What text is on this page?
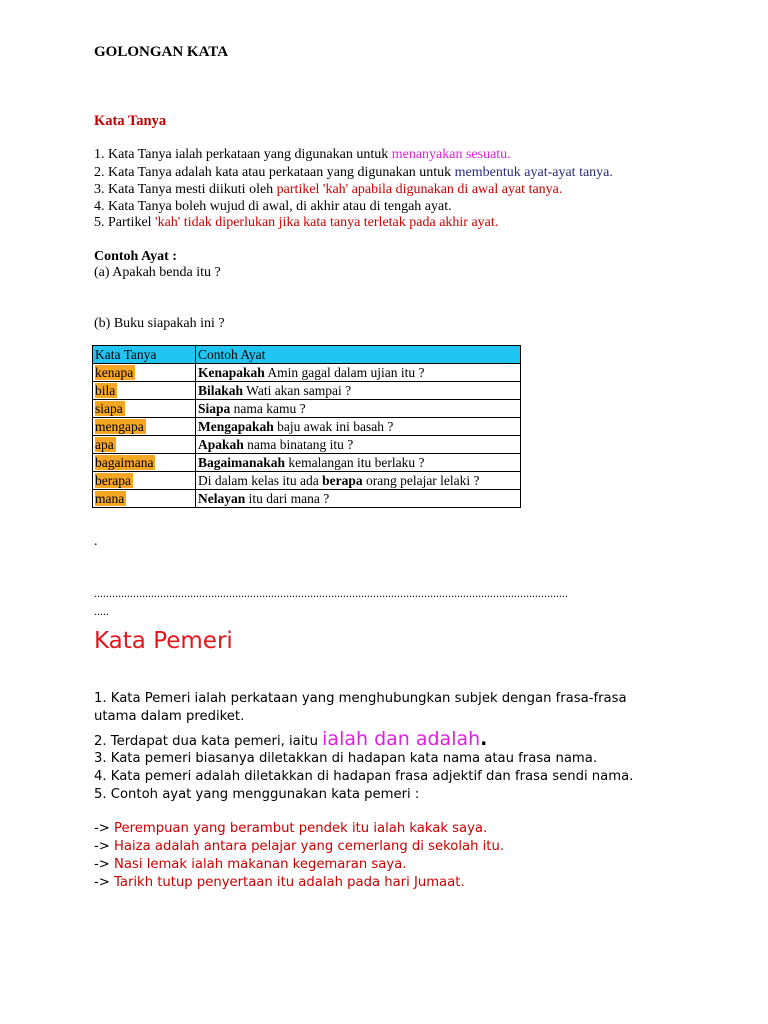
GOLONGAN KATA
Kata Tanya
1. Kata Tanya ialah perkataan yang digunakan untuk menanyakan sesuatu.
2. Kata Tanya adalah kata atau perkataan yang digunakan untuk membentuk ayat-ayat tanya.
3. Kata Tanya mesti diikuti oleh partikel 'kah' apabila digunakan di awal ayat tanya.
4. Kata Tanya boleh wujud di awal, di akhir atau di tengah ayat.
5. Partikel 'kah' tidak diperlukan jika kata tanya terletak pada akhir ayat.
Contoh Ayat :
(a) Apakah benda itu ?
(b) Buku siapakah ini ?
Kata Tanya	Contoh Ayat
kenapa	Kenapakah Amin gagal dalam ujian itu ?
bila	Bilakah Wati akan sampai ?
siapa	Siapa nama kamu ?
mengapa	Mengapakah baju awak ini basah ?
apa	Apakah nama binatang itu ?
bagaimana	Bagaimanakah kemalangan itu berlaku ?
berapa	Di dalam kelas itu ada berapa orang pelajar lelaki ?
mana	Nelayan itu dari mana ?
.
..............................................................................................................................................................
.....
Kata Pemeri
1. Kata Pemeri ialah perkataan yang menghubungkan subjek dengan frasa-frasa
utama dalam prediket.
2. Terdapat dua kata pemeri, iaitu ialah dan adalah.
3. Kata pemeri biasanya diletakkan di hadapan kata nama atau frasa nama.
4. Kata pemeri adalah diletakkan di hadapan frasa adjektif dan frasa sendi nama.
5. Contoh ayat yang menggunakan kata pemeri :
-> Perempuan yang berambut pendek itu ialah kakak saya.
-> Haiza adalah antara pelajar yang cemerlang di sekolah itu.
-> Nasi lemak ialah makanan kegemaran saya.
-> Tarikh tutup penyertaan itu adalah pada hari Jumaat.
